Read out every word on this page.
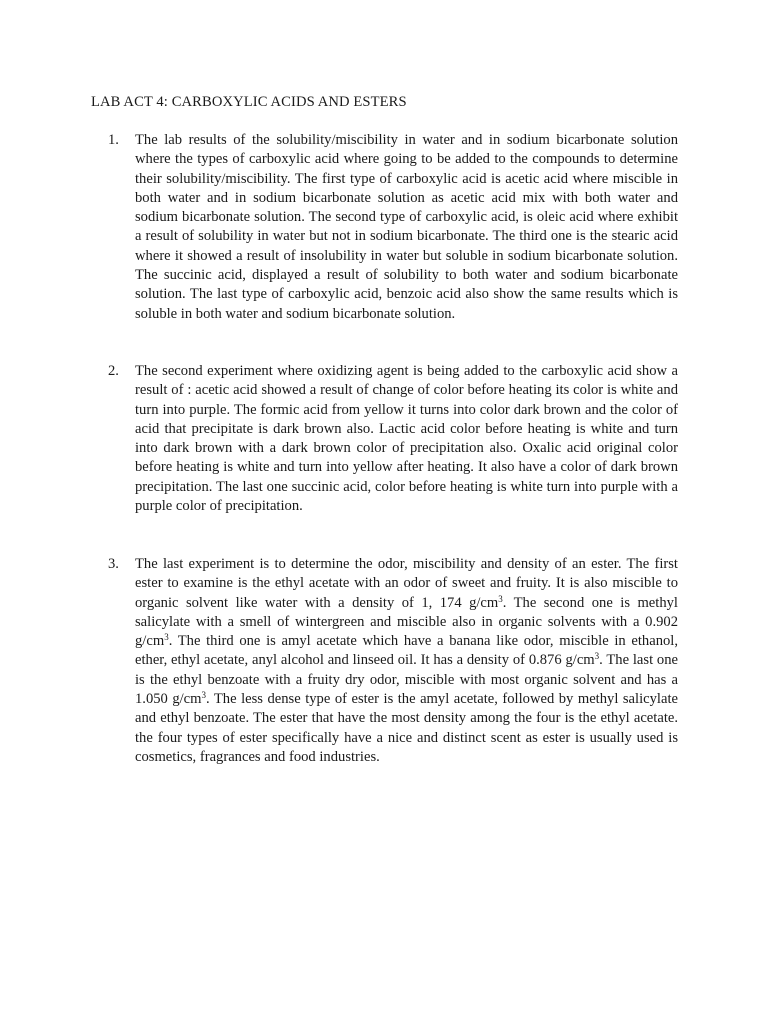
LAB ACT 4: CARBOXYLIC ACIDS AND ESTERS
1.	The lab results of the solubility/miscibility in water and in sodium bicarbonate solution where the types of carboxylic acid where going to be added to the compounds to determine their solubility/miscibility. The first type of carboxylic acid is acetic acid where miscible in both water and in sodium bicarbonate solution as acetic acid mix with both water and sodium bicarbonate solution. The second type of carboxylic acid, is oleic acid where exhibit a result of solubility in water but not in sodium bicarbonate. The third one is the stearic acid where it showed a result of insolubility in water but soluble in sodium bicarbonate solution. The succinic acid, displayed a result of solubility to both water and sodium bicarbonate solution. The last type of carboxylic acid, benzoic acid also show the same results which is soluble in both water and sodium bicarbonate solution.
2.	The second experiment where oxidizing agent is being added to the carboxylic acid show a result of : acetic acid showed a result of change of color before heating its color is white and turn into purple. The formic acid from yellow it turns into color dark brown and the color of acid that precipitate is dark brown also. Lactic acid color before heating is white and turn into dark brown with a dark brown color of precipitation also. Oxalic acid original color before heating is white and turn into yellow after heating. It also have a color of dark brown precipitation. The last one succinic acid, color before heating is white turn into purple with a purple color of precipitation.
3.	The last experiment is to determine the odor, miscibility and density of an ester. The first ester to examine is the ethyl acetate with an odor of sweet and fruity. It is also miscible to organic solvent like water with a density of 1, 174 $g/cm^3$. The second one is methyl salicylate with a smell of wintergreen and miscible also in organic solvents with a 0.902 $g/cm^3$. The third one is amyl acetate which have a banana like odor, miscible in ethanol, ether, ethyl acetate, anyl alcohol and linseed oil. It has a density of 0.876 $g/cm^3$. The last one is the ethyl benzoate with a fruity dry odor, miscible with most organic solvent and has a 1.050 $g/cm^3$. The less dense type of ester is the amyl acetate, followed by methyl salicylate and ethyl benzoate. The ester that have the most density among the four is the ethyl acetate. the four types of ester specifically have a nice and distinct scent as ester is usually used is cosmetics, fragrances and food industries.
